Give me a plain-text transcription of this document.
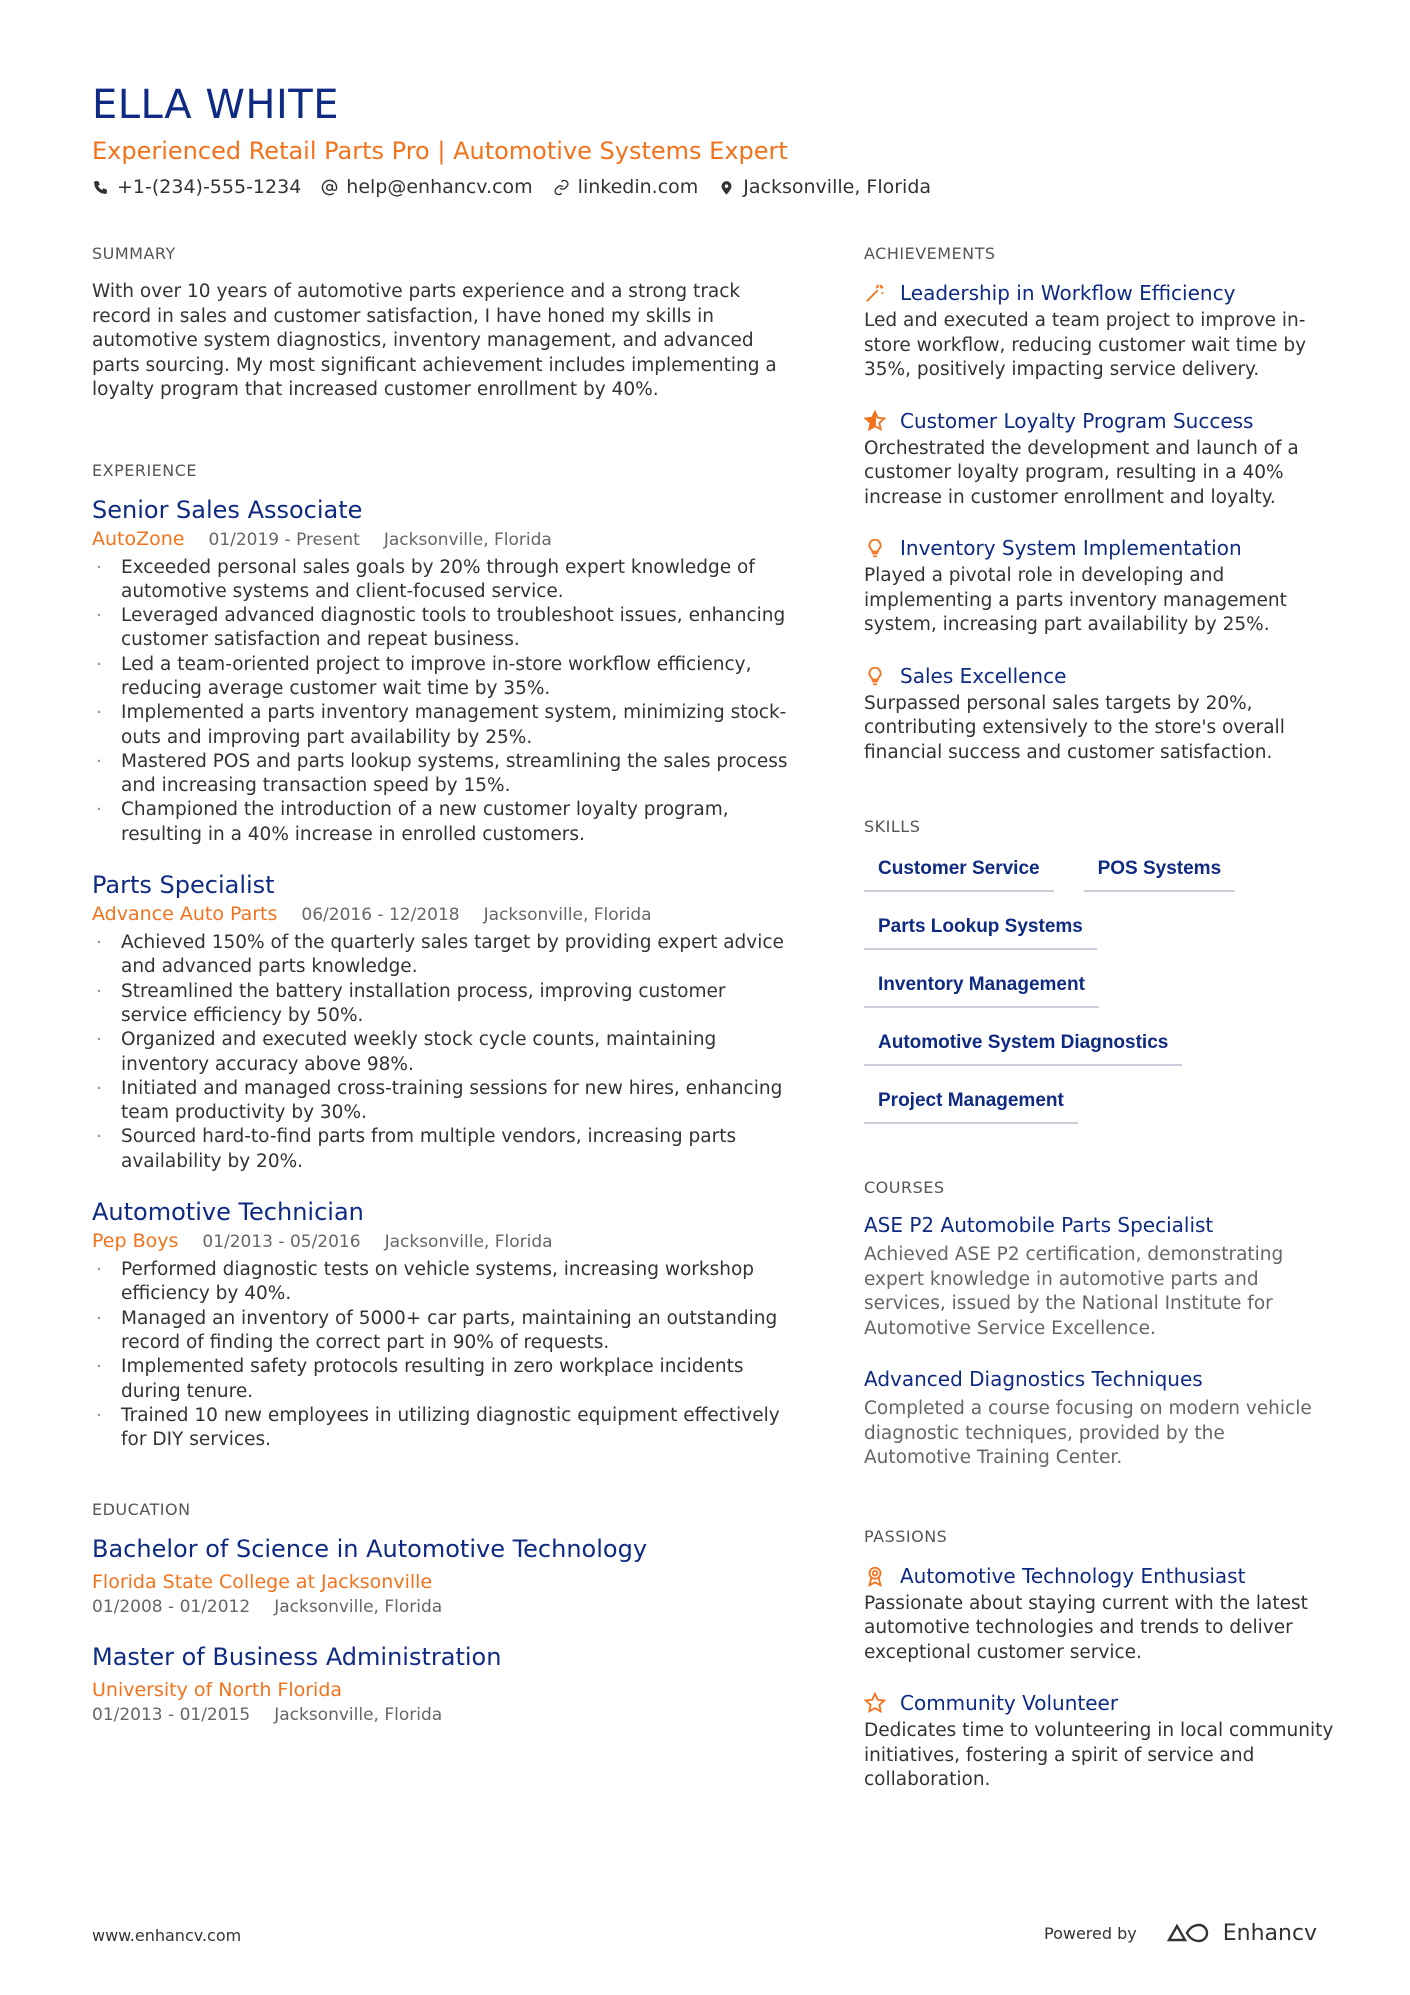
ELLA WHITE
Experienced Retail Parts Pro | Automotive Systems Expert
+1-(234)-555-1234 help@enhancv.com linkedin.com Jacksonville, Florida
SUMMARY

With over 10 years of automotive parts experience and a strong track record in sales and customer satisfaction, I have honed my skills in automotive system diagnostics, inventory management, and advanced parts sourcing. My most significant achievement includes implementing a loyalty program that increased customer enrollment by 40%.

EXPERIENCE
Senior Sales Associate
AutoZone 01/2019 - Present Jacksonville, Florida
· Exceeded personal sales goals by 20% through expert knowledge of automotive systems and client-focused service.
· Leveraged advanced diagnostic tools to troubleshoot issues, enhancing customer satisfaction and repeat business.
· Led a team-oriented project to improve in-store workflow efficiency, reducing average customer wait time by 35%.
· Implemented a parts inventory management system, minimizing stock-outs and improving part availability by 25%.
· Mastered POS and parts lookup systems, streamlining the sales process and increasing transaction speed by 15%.
· Championed the introduction of a new customer loyalty program, resulting in a 40% increase in enrolled customers.
Parts Specialist
Advance Auto Parts 06/2016 - 12/2018 Jacksonville, Florida
· Achieved 150% of the quarterly sales target by providing expert advice and advanced parts knowledge.
· Streamlined the battery installation process, improving customer service efficiency by 50%.
· Organized and executed weekly stock cycle counts, maintaining inventory accuracy above 98%.
· Initiated and managed cross-training sessions for new hires, enhancing team productivity by 30%.
· Sourced hard-to-find parts from multiple vendors, increasing parts availability by 20%.
Automotive Technician
Pep Boys 01/2013 - 05/2016 Jacksonville, Florida
· Performed diagnostic tests on vehicle systems, increasing workshop efficiency by 40%.
· Managed an inventory of 5000+ car parts, maintaining an outstanding record of finding the correct part in 90% of requests.
· Implemented safety protocols resulting in zero workplace incidents during tenure.
· Trained 10 new employees in utilizing diagnostic equipment effectively for DIY services.
EDUCATION
Bachelor of Science in Automotive Technology
Florida State College at Jacksonville
01/2008 - 01/2012 Jacksonville, Florida
Master of Business Administration
University of North Florida
01/2013 - 01/2015 Jacksonville, Florida
ACHIEVEMENTS
Leadership in Workflow Efficiency

Led and executed a team project to improve in-store workflow, reducing customer wait time by 35%, positively impacting service delivery.

Customer Loyalty Program Success

Orchestrated the development and launch of a customer loyalty program, resulting in a 40% increase in customer enrollment and loyalty.

Inventory System Implementation

Played a pivotal role in developing and implementing a parts inventory management system, increasing part availability by 25%.

Sales Excellence

Surpassed personal sales targets by 20%, contributing extensively to the store's overall financial success and customer satisfaction.

SKILLS
Customer Service	POS Systems
Parts Lookup Systems
Inventory Management
Automotive System Diagnostics
Project Management
COURSES
ASE P2 Automobile Parts Specialist

Achieved ASE P2 certification, demonstrating expert knowledge in automotive parts and services, issued by the National Institute for Automotive Service Excellence.

Advanced Diagnostics Techniques

Completed a course focusing on modern vehicle diagnostic techniques, provided by the Automotive Training Center.

PASSIONS
Automotive Technology Enthusiast

Passionate about staying current with the latest automotive technologies and trends to deliver exceptional customer service.

Community Volunteer

Dedicates time to volunteering in local community initiatives, fostering a spirit of service and collaboration.

www.enhancv.com	Powered by	Enhancv
